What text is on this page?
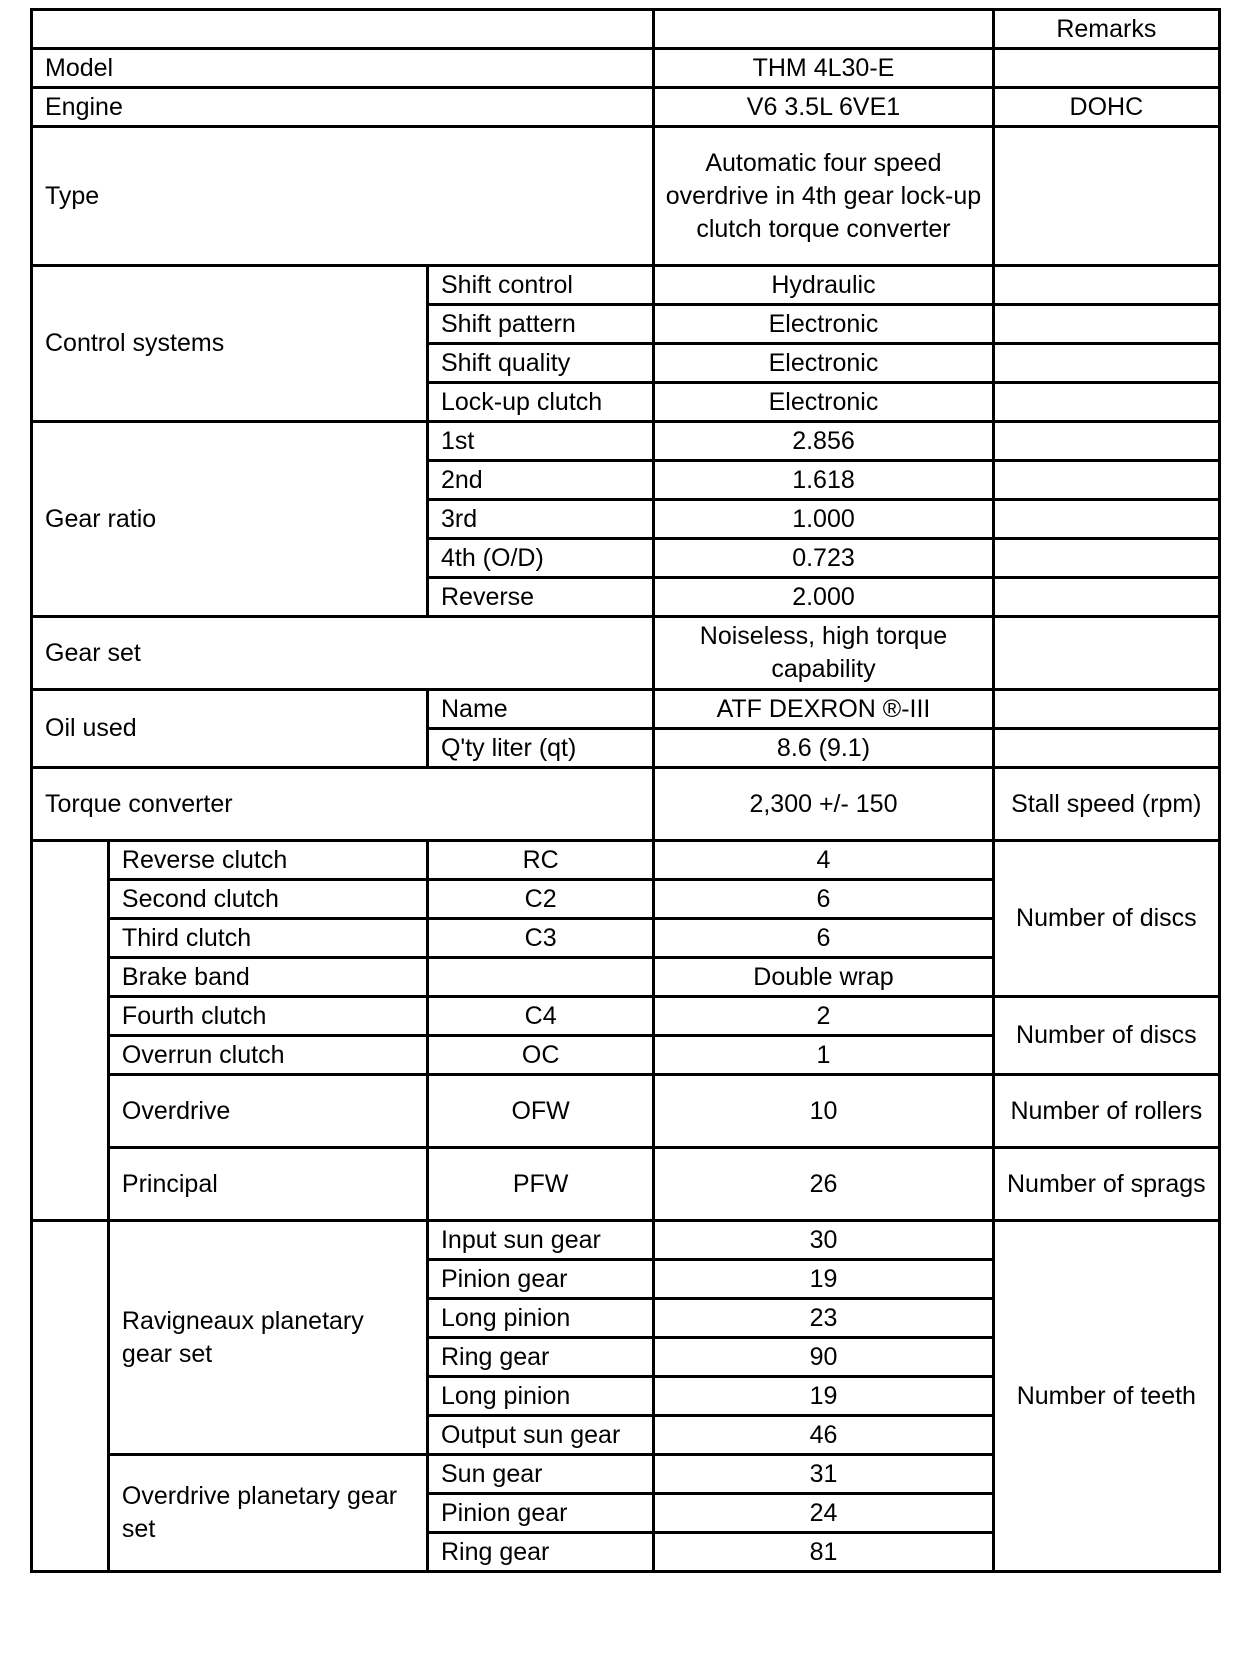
				Remarks
Model			THM 4L30-E	
Engine			V6 3.5L 6VE1	DOHC
Type			Automatic four speed overdrive in 4th gear lock-up clutch torque converter	
Control systems		Shift control	Hydraulic	
		Shift pattern	Electronic	
		Shift quality	Electronic	
		Lock-up clutch	Electronic	
Gear ratio		1st	2.856	
		2nd	1.618	
		3rd	1.000	
		4th (O/D)	0.723	
		Reverse	2.000	
Gear set			Noiseless, high torque capability	
Oil used		Name	ATF DEXRON ®-III	
		Q'ty liter (qt)	8.6 (9.1)	
Torque converter			2,300 +/- 150	Stall speed (rpm)
	Reverse clutch	RC	4	Number of discs
	Second clutch	C2	6	
	Third clutch	C3	6	
	Brake band		Double wrap	
	Fourth clutch	C4	2	Number of discs
	Overrun clutch	OC	1	
	Overdrive	OFW	10	Number of rollers
	Principal	PFW	26	Number of sprags
	Ravigneaux planetary gear set	Input sun gear	30	Number of teeth
		Pinion gear	19	
		Long pinion	23	
		Ring gear	90	
		Long pinion	19	
		Output sun gear	46	
	Overdrive planetary gear set	Sun gear	31	
		Pinion gear	24	
		Ring gear	81	
